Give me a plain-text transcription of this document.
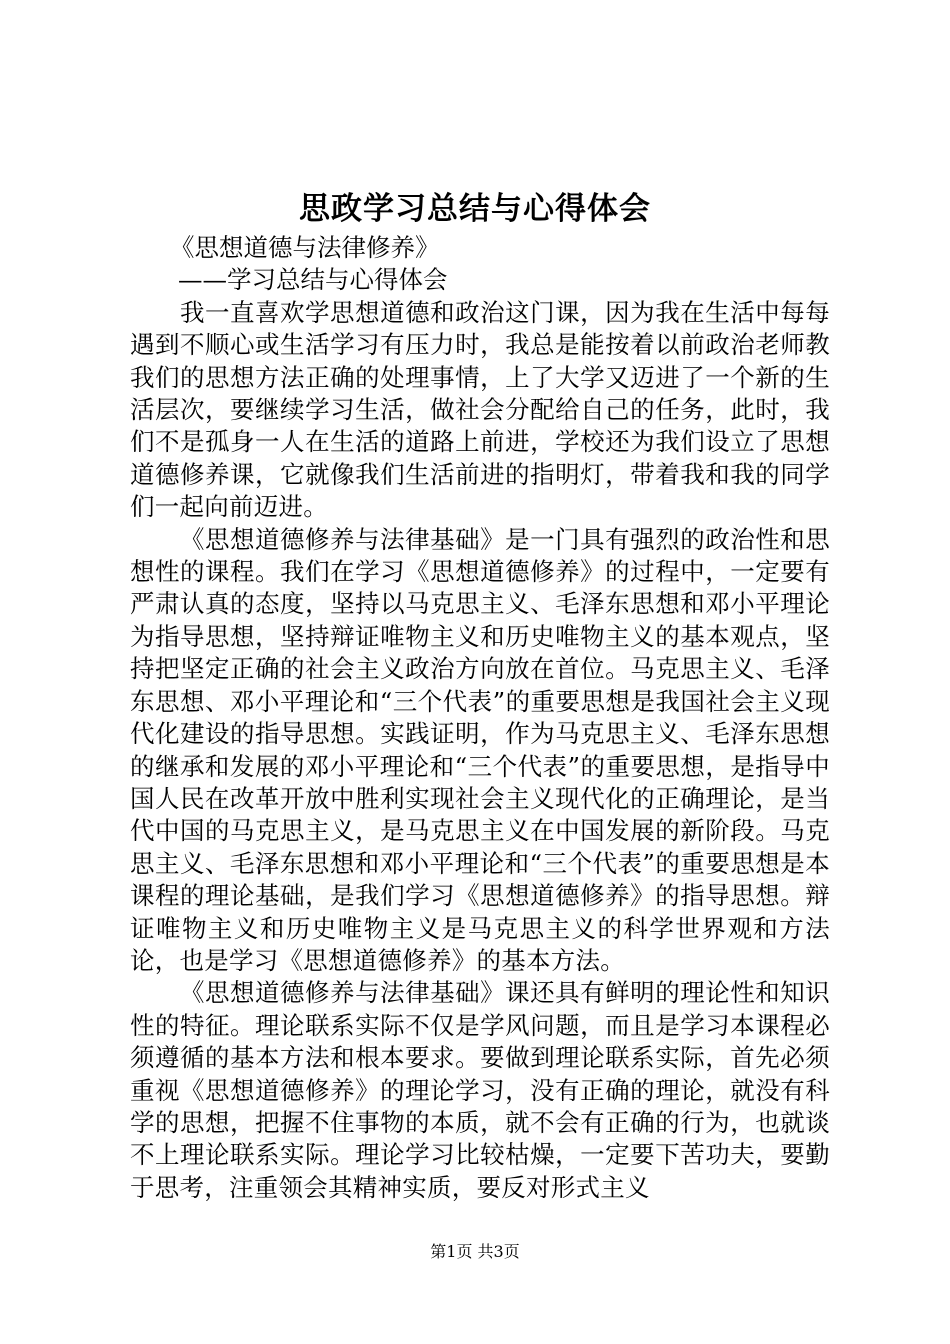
思政学习总结与心得体会

《思想道德与法律修养》

——学习总结与心得体会

我一直喜欢学思想道德和政治这门课，因为我在生活中每每遇到不顺心或生活学习有压力时，我总是能按着以前政治老师教我们的思想方法正确的处理事情，上了大学又迈进了一个新的生活层次，要继续学习生活，做社会分配给自己的任务，此时，我们不是孤身一人在生活的道路上前进，学校还为我们设立了思想道德修养课，它就像我们生活前进的指明灯，带着我和我的同学们一起向前迈进。

《思想道德修养与法律基础》是一门具有强烈的政治性和思想性的课程。我们在学习《思想道德修养》的过程中，一定要有严肃认真的态度，坚持以马克思主义、毛泽东思想和邓小平理论为指导思想，坚持辩证唯物主义和历史唯物主义的基本观点，坚持把坚定正确的社会主义政治方向放在首位。马克思主义、毛泽东思想、邓小平理论和“三个代表”的重要思想是我国社会主义现代化建设的指导思想。实践证明，作为马克思主义、毛泽东思想的继承和发展的邓小平理论和“三个代表”的重要思想，是指导中国人民在改革开放中胜利实现社会主义现代化的正确理论，是当代中国的马克思主义，是马克思主义在中国发展的新阶段。马克思主义、毛泽东思想和邓小平理论和“三个代表”的重要思想是本课程的理论基础，是我们学习《思想道德修养》的指导思想。辩证唯物主义和历史唯物主义是马克思主义的科学世界观和方法论，也是学习《思想道德修养》的基本方法。

《思想道德修养与法律基础》课还具有鲜明的理论性和知识性的特征。理论联系实际不仅是学风问题，而且是学习本课程必须遵循的基本方法和根本要求。要做到理论联系实际，首先必须重视《思想道德修养》的理论学习，没有正确的理论，就没有科学的思想，把握不住事物的本质，就不会有正确的行为，也就谈不上理论联系实际。理论学习比较枯燥，一定要下苦功夫，要勤于思考，注重领会其精神实质，要反对形式主义

第1页 共3页
